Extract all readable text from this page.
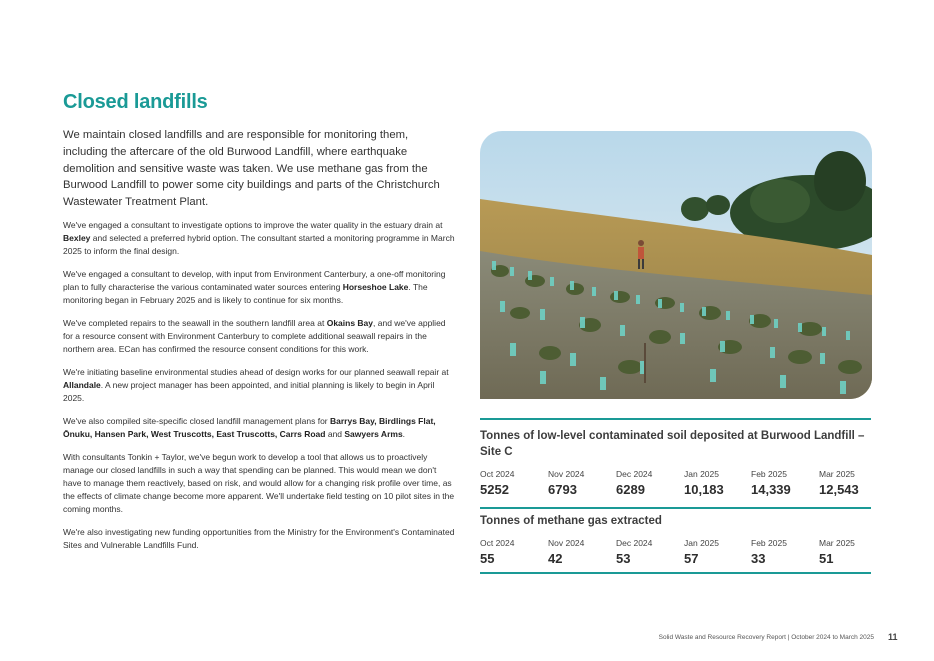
Closed landfills
We maintain closed landfills and are responsible for monitoring them, including the aftercare of the old Burwood Landfill, where earthquake demolition and sensitive waste was taken. We use methane gas from the Burwood Landfill to power some city buildings and parts of the Christchurch Wastewater Treatment Plant.

We've engaged a consultant to investigate options to improve the water quality in the estuary drain at Bexley and selected a preferred hybrid option. The consultant started a monitoring programme in March 2025 to inform the final design.

We've engaged a consultant to develop, with input from Environment Canterbury, a one-off monitoring plan to fully characterise the various contaminated water sources entering Horseshoe Lake. The monitoring began in February 2025 and is likely to continue for six months.

We've completed repairs to the seawall in the southern landfill area at Okains Bay, and we've applied for a resource consent with Environment Canterbury to complete additional seawall repairs in the northern area. ECan has confirmed the resource consent conditions for this work.

We're initiating baseline environmental studies ahead of design works for our planned seawall repair at Allandale. A new project manager has been appointed, and initial planning is likely to begin in April 2025.

We've also compiled site-specific closed landfill management plans for Barrys Bay, Birdlings Flat, Ōnuku, Hansen Park, West Truscotts, East Truscotts, Carrs Road and Sawyers Arms.

With consultants Tonkin + Taylor, we've begun work to develop a tool that allows us to proactively manage our closed landfills in such a way that spending can be planned. This would mean we don't have to manage them reactively, based on risk, and would allow for a changing risk profile over time, as the effects of climate change become more apparent. We'll undertake field testing on 10 pilot sites in the coming months.

We're also investigating new funding opportunities from the Ministry for the Environment's Contaminated Sites and Vulnerable Landfills Fund.

Tonnes of low-level contaminated soil deposited at Burwood Landfill – Site C
Oct 2024
5252
Nov 2024
6793
Dec 2024
6289
Jan 2025
10,183
Feb 2025
14,339
Mar 2025
12,543
Tonnes of methane gas extracted
Oct 2024
55
Nov 2024
42
Dec 2024
53
Jan 2025
57
Feb 2025
33
Mar 2025
51
Solid Waste and Resource Recovery Report | October 2024 to March 2025 11
